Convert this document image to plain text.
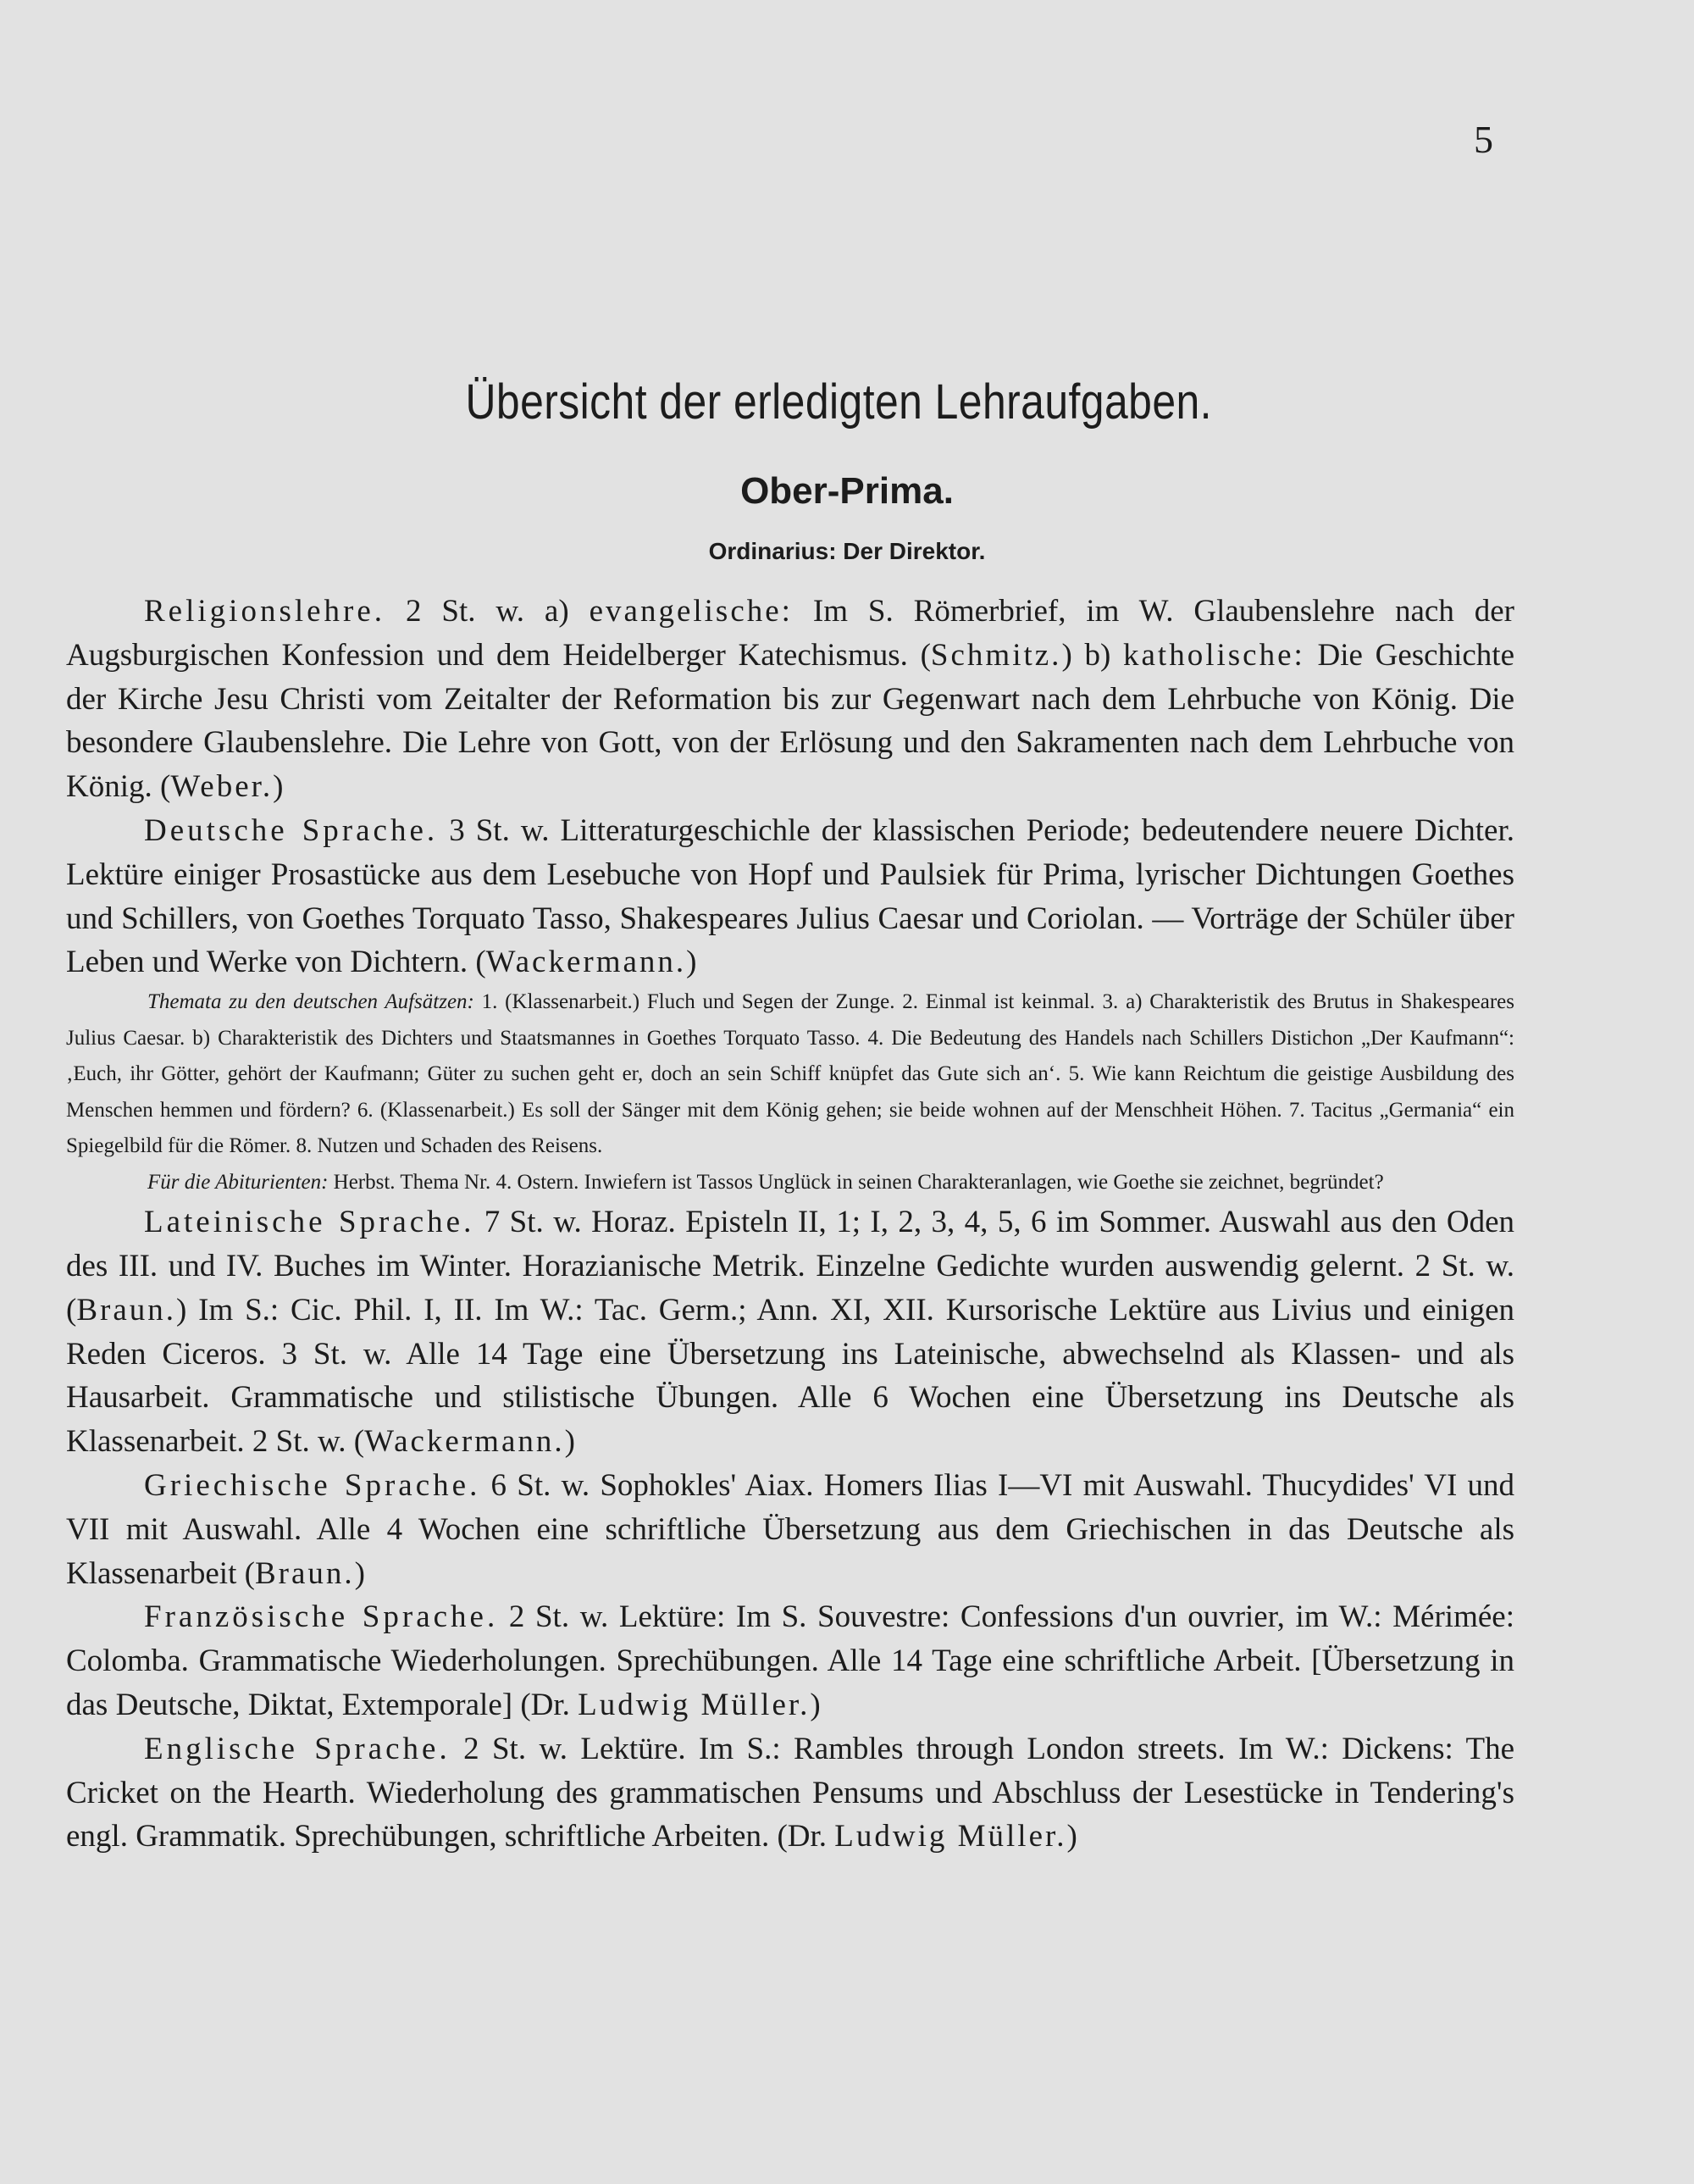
5
Übersicht der erledigten Lehraufgaben.
Ober-Prima.
Ordinarius: Der Direktor.

Religionslehre. 2 St. w. a) evangelische: Im S. Römerbrief, im W. Glaubenslehre nach der Augsburgischen Konfession und dem Heidelberger Katechismus. (Schmitz.) b) katholische: Die Geschichte der Kirche Jesu Christi vom Zeitalter der Reformation bis zur Gegenwart nach dem Lehrbuche von König. Die besondere Glaubenslehre. Die Lehre von Gott, von der Erlösung und den Sakramenten nach dem Lehrbuche von König. (Weber.)

Deutsche Sprache. 3 St. w. Litteraturgeschichle der klassischen Periode; bedeutendere neuere Dichter. Lektüre einiger Prosastücke aus dem Lesebuche von Hopf und Paulsiek für Prima, lyrischer Dichtungen Goethes und Schillers, von Goethes Torquato Tasso, Shakespeares Julius Caesar und Coriolan. — Vorträge der Schüler über Leben und Werke von Dichtern. (Wackermann.)

Themata zu den deutschen Aufsätzen: 1. (Klassenarbeit.) Fluch und Segen der Zunge. 2. Einmal ist keinmal. 3. a) Charakteristik des Brutus in Shakespeares Julius Caesar. b) Charakteristik des Dichters und Staatsmannes in Goethes Torquato Tasso. 4. Die Bedeutung des Handels nach Schillers Distichon „Der Kaufmann“: ‚Euch, ihr Götter, gehört der Kaufmann; Güter zu suchen geht er, doch an sein Schiff knüpfet das Gute sich an‘. 5. Wie kann Reichtum die geistige Ausbildung des Menschen hemmen und fördern? 6. (Klassenarbeit.) Es soll der Sänger mit dem König gehen; sie beide wohnen auf der Menschheit Höhen. 7. Tacitus „Germania“ ein Spiegelbild für die Römer. 8. Nutzen und Schaden des Reisens.

Für die Abiturienten: Herbst. Thema Nr. 4. Ostern. Inwiefern ist Tassos Unglück in seinen Charakteranlagen, wie Goethe sie zeichnet, begründet?

Lateinische Sprache. 7 St. w. Horaz. Episteln II, 1; I, 2, 3, 4, 5, 6 im Sommer. Auswahl aus den Oden des III. und IV. Buches im Winter. Horazianische Metrik. Einzelne Gedichte wurden auswendig gelernt. 2 St. w. (Braun.) Im S.: Cic. Phil. I, II. Im W.: Tac. Germ.; Ann. XI, XII. Kursorische Lektüre aus Livius und einigen Reden Ciceros. 3 St. w. Alle 14 Tage eine Übersetzung ins Lateinische, abwechselnd als Klassen- und als Hausarbeit. Grammatische und stilistische Übungen. Alle 6 Wochen eine Übersetzung ins Deutsche als Klassenarbeit. 2 St. w. (Wackermann.)

Griechische Sprache. 6 St. w. Sophokles' Aiax. Homers Ilias I—VI mit Auswahl. Thucydides' VI und VII mit Auswahl. Alle 4 Wochen eine schriftliche Übersetzung aus dem Griechischen in das Deutsche als Klassenarbeit (Braun.)

Französische Sprache. 2 St. w. Lektüre: Im S. Souvestre: Confessions d'un ouvrier, im W.: Mérimée: Colomba. Grammatische Wiederholungen. Sprechübungen. Alle 14 Tage eine schriftliche Arbeit. [Übersetzung in das Deutsche, Diktat, Extemporale] (Dr. Ludwig Müller.)

Englische Sprache. 2 St. w. Lektüre. Im S.: Rambles through London streets. Im W.: Dickens: The Cricket on the Hearth. Wiederholung des grammatischen Pensums und Abschluss der Lesestücke in Tendering's engl. Grammatik. Sprechübungen, schriftliche Arbeiten. (Dr. Ludwig Müller.)
